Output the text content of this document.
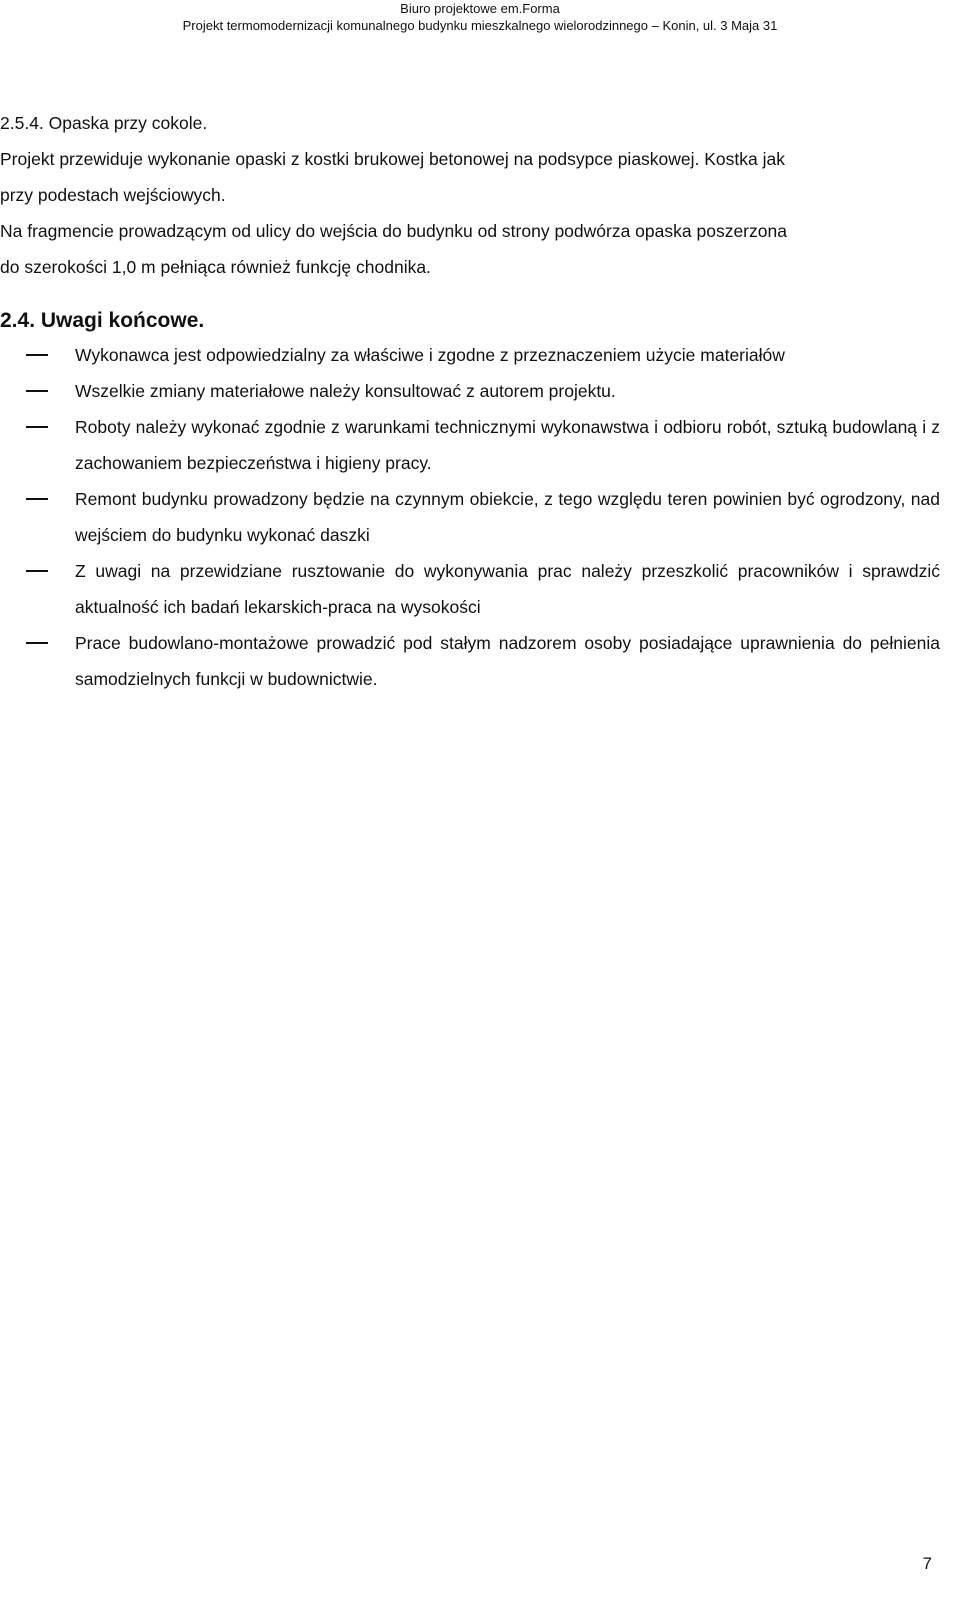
Biuro projektowe em.Forma
Projekt termomodernizacji komunalnego budynku mieszkalnego wielorodzinnego – Konin, ul. 3 Maja 31

2.5.4. Opaska przy cokole.

Projekt przewiduje wykonanie opaski z kostki brukowej betonowej na podsypce piaskowej. Kostka jak

przy podestach wejściowych.

Na fragmencie prowadzącym od ulicy do wejścia do budynku od strony podwórza opaska poszerzona

do szerokości 1,0 m pełniąca również funkcję chodnika.

2.4. Uwagi końcowe.
Wykonawca jest odpowiedzialny za właściwe i zgodne z przeznaczeniem użycie materiałów
Wszelkie zmiany materiałowe należy konsultować z autorem projektu.
Roboty należy wykonać zgodnie z warunkami technicznymi wykonawstwa i odbioru robót, sztuką budowlaną i z zachowaniem bezpieczeństwa i higieny pracy.
Remont budynku prowadzony będzie na czynnym obiekcie, z tego względu teren powinien być ogrodzony, nad wejściem do budynku wykonać daszki
Z uwagi na przewidziane rusztowanie do wykonywania prac należy przeszkolić pracowników i sprawdzić aktualność ich badań lekarskich-praca na wysokości
Prace budowlano-montażowe prowadzić pod stałym nadzorem osoby posiadające uprawnienia do pełnienia samodzielnych funkcji w budownictwie.
7
